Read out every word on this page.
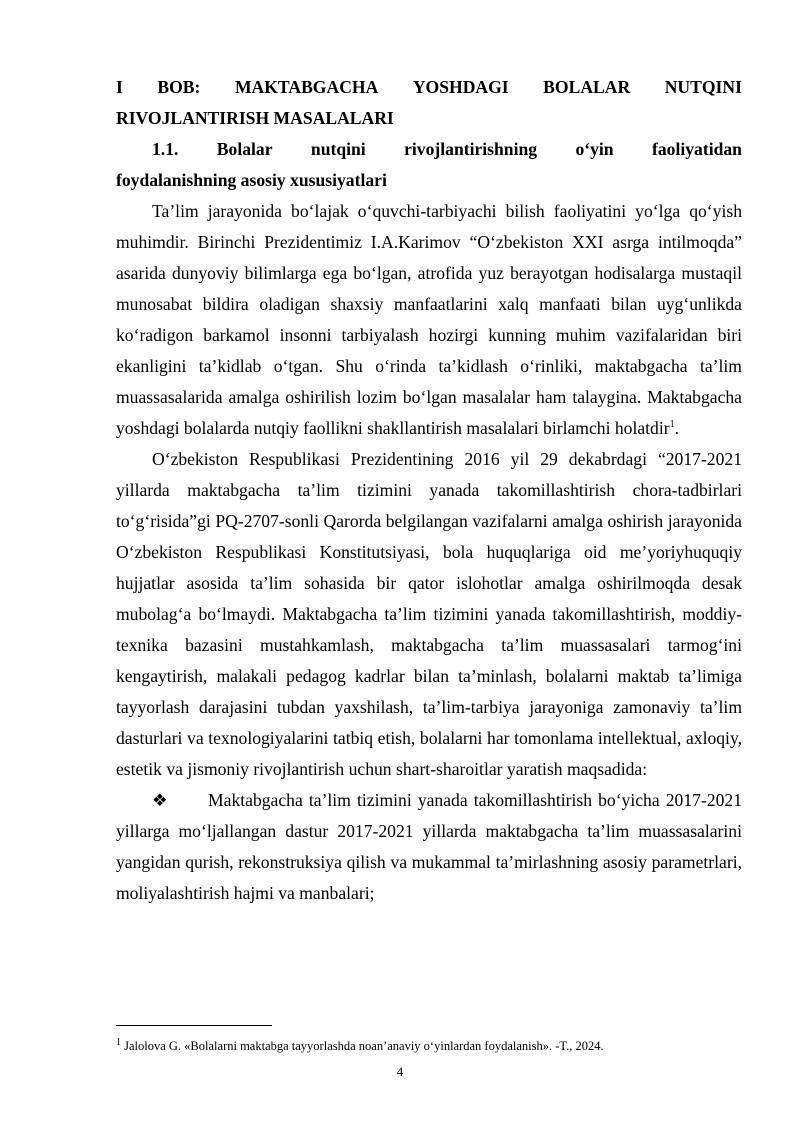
I BOB: MAKTABGACHA YOSHDAGI BOLALAR NUTQINI
RIVOJLANTIRISH MASALALARI
1.1. Bolalar nutqini rivojlantirishning o‘yin faoliyatidan
foydalanishning asosiy xususiyatlari

Ta’lim jarayonida bo‘lajak o‘quvchi-tarbiyachi bilish faoliyatini yo‘lga qo‘yish muhimdir. Birinchi Prezidentimiz I.A.Karimov “O‘zbekiston XXI asrga intilmoqda” asarida dunyoviy bilimlarga ega bo‘lgan, atrofida yuz berayotgan hodisalarga mustaqil munosabat bildira oladigan shaxsiy manfaatlarini xalq manfaati bilan uyg‘unlikda ko‘radigon barkamol insonni tarbiyalash hozirgi kunning muhim vazifalaridan biri ekanligini ta’kidlab o‘tgan. Shu o‘rinda ta’kidlash o‘rinliki, maktabgacha ta’lim muassasalarida amalga oshirilish lozim bo‘lgan masalalar ham talaygina. Maktabgacha yoshdagi bolalarda nutqiy faollikni shakllantirish masalalari birlamchi holatdir$^1$.

O‘zbekiston Respublikasi Prezidentining 2016 yil 29 dekabrdagi “2017-2021 yillarda maktabgacha ta’lim tizimini yanada takomillashtirish chora-tadbirlari to‘g‘risida”gi PQ-2707-sonli Qarorda belgilangan vazifalarni amalga oshirish jarayonida O‘zbekiston Respublikasi Konstitutsiyasi, bola huquqlariga oid me’yoriyhuquqiy hujjatlar asosida ta’lim sohasida bir qator islohotlar amalga oshirilmoqda desak mubolag‘a bo‘lmaydi. Maktabgacha ta’lim tizimini yanada takomillashtirish, moddiy-texnika bazasini mustahkamlash, maktabgacha ta’lim muassasalari tarmog‘ini kengaytirish, malakali pedagog kadrlar bilan ta’minlash, bolalarni maktab ta’limiga tayyorlash darajasini tubdan yaxshilash, ta’lim-tarbiya jarayoniga zamonaviy ta’lim dasturlari va texnologiyalarini tatbiq etish, bolalarni har tomonlama intellektual, axloqiy, estetik va jismoniy rivojlantirish uchun shart-sharoitlar yaratish maqsadida:

❖ Maktabgacha ta’lim tizimini yanada takomillashtirish bo‘yicha 2017-2021 yillarga mo‘ljallangan dastur 2017-2021 yillarda maktabgacha ta’lim muassasalarini yangidan qurish, rekonstruksiya qilish va mukammal ta’mirlashning asosiy parametrlari, moliyalashtirish hajmi va manbalari;

$^1$ Jalolova G. «Bolalarni maktabga tayyorlashda noan’anaviy o‘yinlardan foydalanish». -T., 2024.
4
